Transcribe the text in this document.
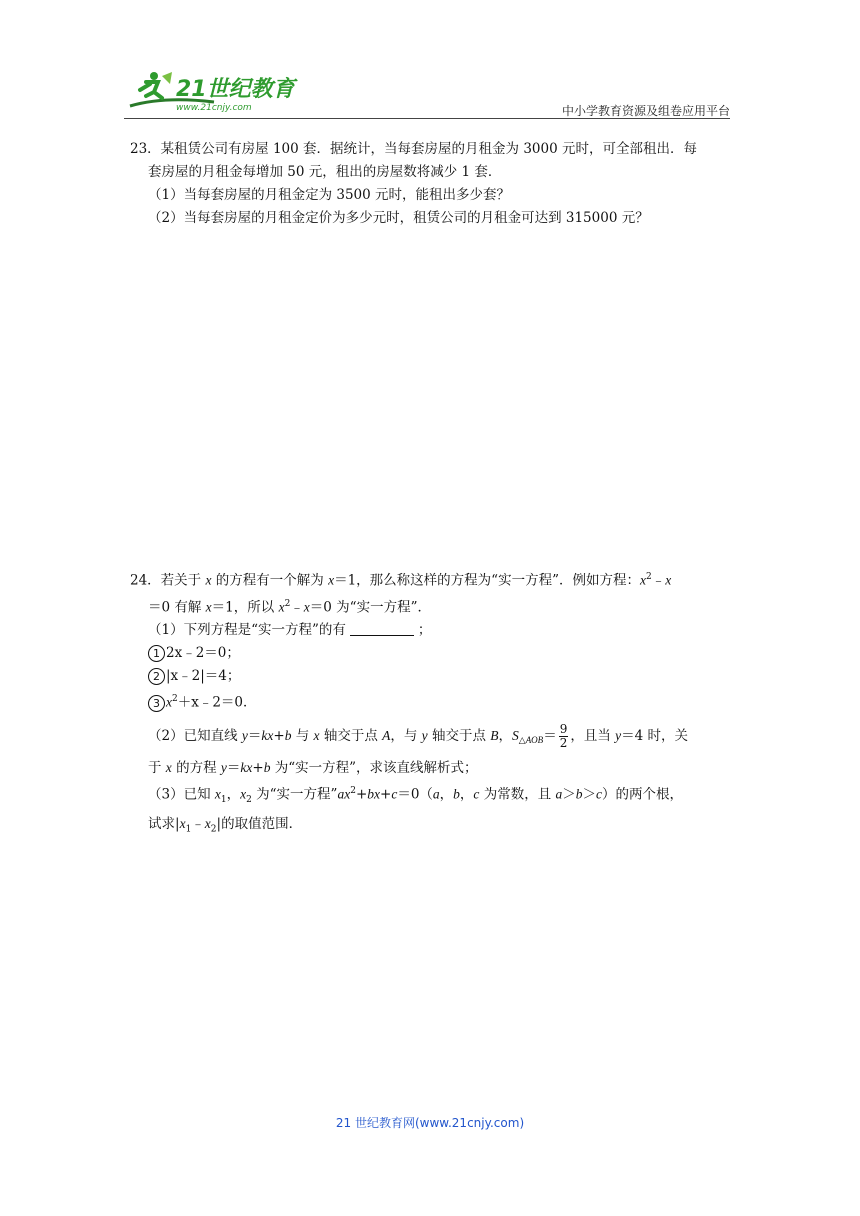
21世纪教育
www.21cnjy.com	中小学教育资源及组卷应用平台
23．某租赁公司有房屋 100 套．据统计，当每套房屋的月租金为 3000 元时，可全部租出．每
套房屋的月租金每增加 50 元，租出的房屋数将减少 1 套．
（1）当每套房屋的月租金定为 3500 元时，能租出多少套？
（2）当每套房屋的月租金定价为多少元时，租赁公司的月租金可达到 315000 元？
24．若关于 x 的方程有一个解为 x＝1，那么称这样的方程为“实一方程”．例如方程：$x^2﹣x$
＝0 有解 x＝1，所以 $x^2﹣x=0$ 为“实一方程”．
（1）下列方程是“实一方程”的有	；
1 2x﹣2＝0；
2 |x﹣2|＝4；
3 $x^2+x﹣2=0$．
（2）已知直线 y＝kx+b 与 x 轴交于点 A，与 y 轴交于点 B，$S_{\triangle AOB}= \frac{9}{2}$ ，且当 y＝4 时，关
于 x 的方程 y＝kx+b 为“实一方程”，求该直线解析式；
（3）已知 $x_1$，$x_2$ 为“实一方程$”ax^2+bx+c=0(a$，b，c 为常数，且 a＞b＞c）的两个根，
试求$|x_1﹣x_2|$的取值范围．
21 世纪教育网(www.21cnjy.com)
